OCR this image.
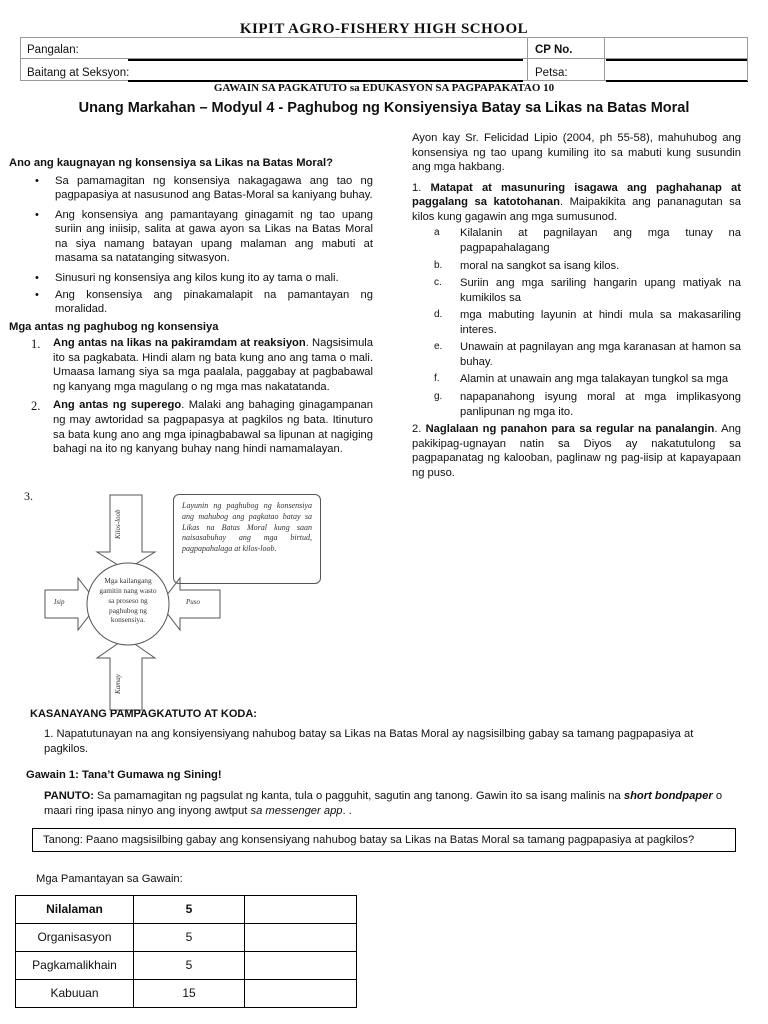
KIPIT AGRO-FISHERY HIGH SCHOOL
Pangalan:	CP No.
Baitang at Seksyon:	Petsa:
GAWAIN SA PAGKATUTO sa EDUKASYON SA PAGPAPAKATAO 10
Unang Markahan – Modyul 4 - Paghubog ng Konsiyensiya Batay sa Likas na Batas Moral

Ano ang kaugnayan ng konsensiya sa Likas na Batas Moral?

• Sa pamamagitan ng konsensiya nakagagawa ang tao ng pagpapasiya at nasusunod ang Batas-Moral sa kaniyang buhay.
• Ang konsensiya ang pamantayang ginagamit ng tao upang suriin ang iniisip, salita at gawa ayon sa Likas na Batas Moral na siya namang batayan upang malaman ang mabuti at masama sa natatanging sitwasyon.
• Sinusuri ng konsensiya ang kilos kung ito ay tama o mali.
• Ang konsensiya ang pinakamalapit na pamantayan ng moralidad.

Mga antas ng paghubog ng konsensiya

1. Ang antas na likas na pakiramdam at reaksiyon. Nagsisimula ito sa pagkabata. Hindi alam ng bata kung ano ang tama o mali. Umaasa lamang siya sa mga paalala, paggabay at pagbabawal ng kanyang mga magulang o ng mga mas nakatatanda.
2. Ang antas ng superego. Malaki ang bahaging ginagampanan ng may awtoridad sa pagpapasya at pagkilos ng bata. Itinuturo sa bata kung ano ang mga ipinagbabawal sa lipunan at nagiging bahagi na ito ng kanyang buhay nang hindi namamalayan.
3.
Kilos-loob
Isip	Puso
Kamay
Mga kailangang gamitin nang wasto sa proseso ng paghubog ng konsensiya.
Layunin ng paghubog ng konsensiya ang mahubog ang pagkatao batay sa Likas na Batas Moral kung saan naisasabuhay ang mga birtud, pagpapahalaga at kilos-loob.

Ayon kay Sr. Felicidad Lipio (2004, ph 55-58), mahuhubog ang konsensiya ng tao upang kumiling ito sa mabuti kung susundin ang mga hakbang.

1. Matapat at masunuring isagawa ang paghahanap at paggalang sa katotohanan. Maipakikita ang pananagutan sa kilos kung gagawin ang mga sumusunod.

a Kilalanin at pagnilayan ang mga tunay na pagpapahalagang
b. moral na sangkot sa isang kilos.
c. Suriin ang mga sariling hangarin upang matiyak na kumikilos sa
d. mga mabuting layunin at hindi mula sa makasariling interes.
e. Unawain at pagnilayan ang mga karanasan at hamon sa buhay.
f. Alamin at unawain ang mga talakayan tungkol sa mga
g. napapanahong isyung moral at mga implikasyong panlipunan ng mga ito.

2. Naglalaan ng panahon para sa regular na panalangin. Ang pakikipag-ugnayan natin sa Diyos ay nakatutulong sa pagpapanatag ng kalooban, paglinaw ng pag-iisip at kapayapaan ng puso.

KASANAYANG PAMPAGKATUTO AT KODA:
1. Napatutunayan na ang konsiyensiyang nahubog batay sa Likas na Batas Moral ay nagsisilbing gabay sa tamang pagpapasiya at pagkilos.
Gawain 1: Tana’t Gumawa ng Sining!
PANUTO: Sa pamamagitan ng pagsulat ng kanta, tula o pagguhit, sagutin ang tanong. Gawin ito sa isang malinis na short bondpaper o maari ring ipasa ninyo ang inyong awtput sa messenger app. .
Tanong: Paano magsisilbing gabay ang konsensiyang nahubog batay sa Likas na Batas Moral sa tamang pagpapasiya at pagkilos?
Mga Pamantayan sa Gawain:
Nilalaman	5	
Organisasyon	5	
Pagkamalikhain	5	
Kabuuan	15	
